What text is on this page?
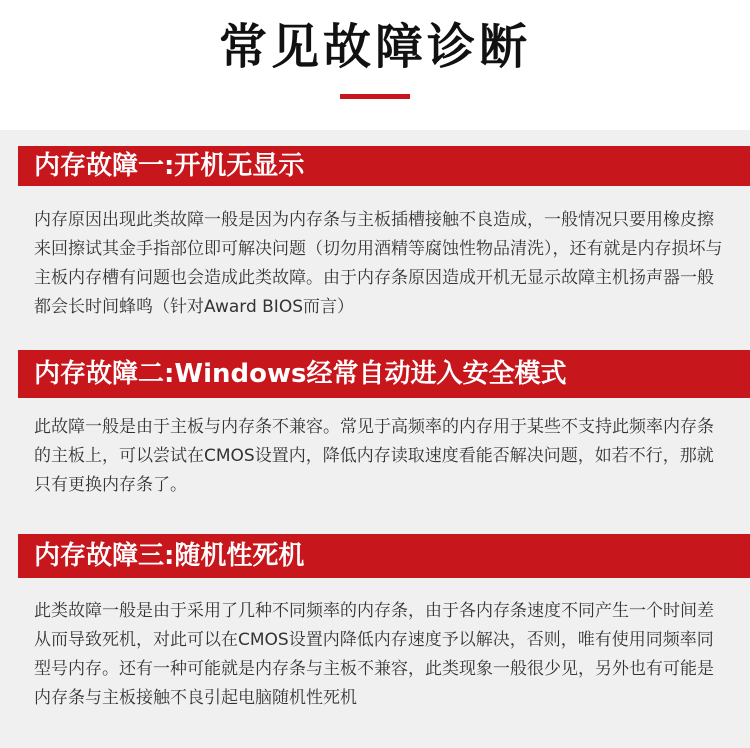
常见故障诊断
内存故障一:开机无显示
内存原因出现此类故障一般是因为内存条与主板插槽接触不良造成，一般情况只要用橡皮擦来回擦试其金手指部位即可解决问题（切勿用酒精等腐蚀性物品清洗），还有就是内存损坏与主板内存槽有问题也会造成此类故障。由于内存条原因造成开机无显示故障主机扬声器一般都会长时间蜂鸣（针对Award BIOS而言）
内存故障二:Windows经常自动进入安全模式
此故障一般是由于主板与内存条不兼容。常见于高频率的内存用于某些不支持此频率内存条的主板上，可以尝试在CMOS设置内，降低内存读取速度看能否解决问题，如若不行，那就只有更换内存条了。
内存故障三:随机性死机
此类故障一般是由于采用了几种不同频率的内存条，由于各内存条速度不同产生一个时间差从而导致死机，对此可以在CMOS设置内降低内存速度予以解决，否则，唯有使用同频率同型号内存。还有一种可能就是内存条与主板不兼容，此类现象一般很少见，另外也有可能是内存条与主板接触不良引起电脑随机性死机
